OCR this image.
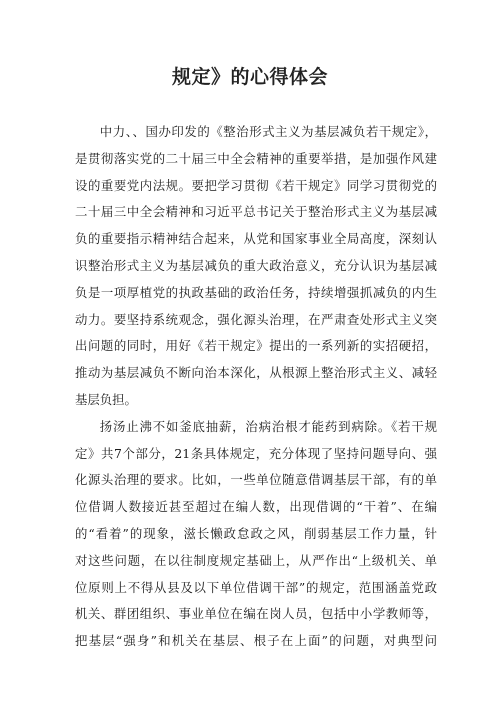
规定》的心得体会
中力、、国办印发的《整治形式主义为基层减负若干规定》，
是贯彻落实党的二十届三中全会精神的重要举措，是加强作风建
设的重要党内法规。要把学习贯彻《若干规定》同学习贯彻党的
二十届三中全会精神和习近平总书记关于整治形式主义为基层减
负的重要指示精神结合起来，从党和国家事业全局高度，深刻认
识整治形式主义为基层减负的重大政治意义，充分认识为基层减
负是一项厚植党的执政基础的政治任务，持续增强抓减负的内生
动力。要坚持系统观念，强化源头治理，在严肃查处形式主义突
出问题的同时，用好《若干规定》提出的一系列新的实招硬招，
推动为基层减负不断向治本深化，从根源上整治形式主义、减轻
基层负担。
扬汤止沸不如釜底抽薪，治病治根才能药到病除。《若干规
定》共7个部分，21条具体规定，充分体现了坚持问题导向、强
化源头治理的要求。比如，一些单位随意借调基层干部，有的单
位借调人数接近甚至超过在编人数，出现借调的“干着”、在编
的“看着”的现象，滋长懒政怠政之风，削弱基层工作力量，针
对这些问题，在以往制度规定基础上，从严作出“上级机关、单
位原则上不得从县及以下单位借调干部”的规定，范围涵盖党政
机关、群团组织、事业单位在编在岗人员，包括中小学教师等，
把基层“强身”和机关在基层、根子在上面”的问题，对典型问
